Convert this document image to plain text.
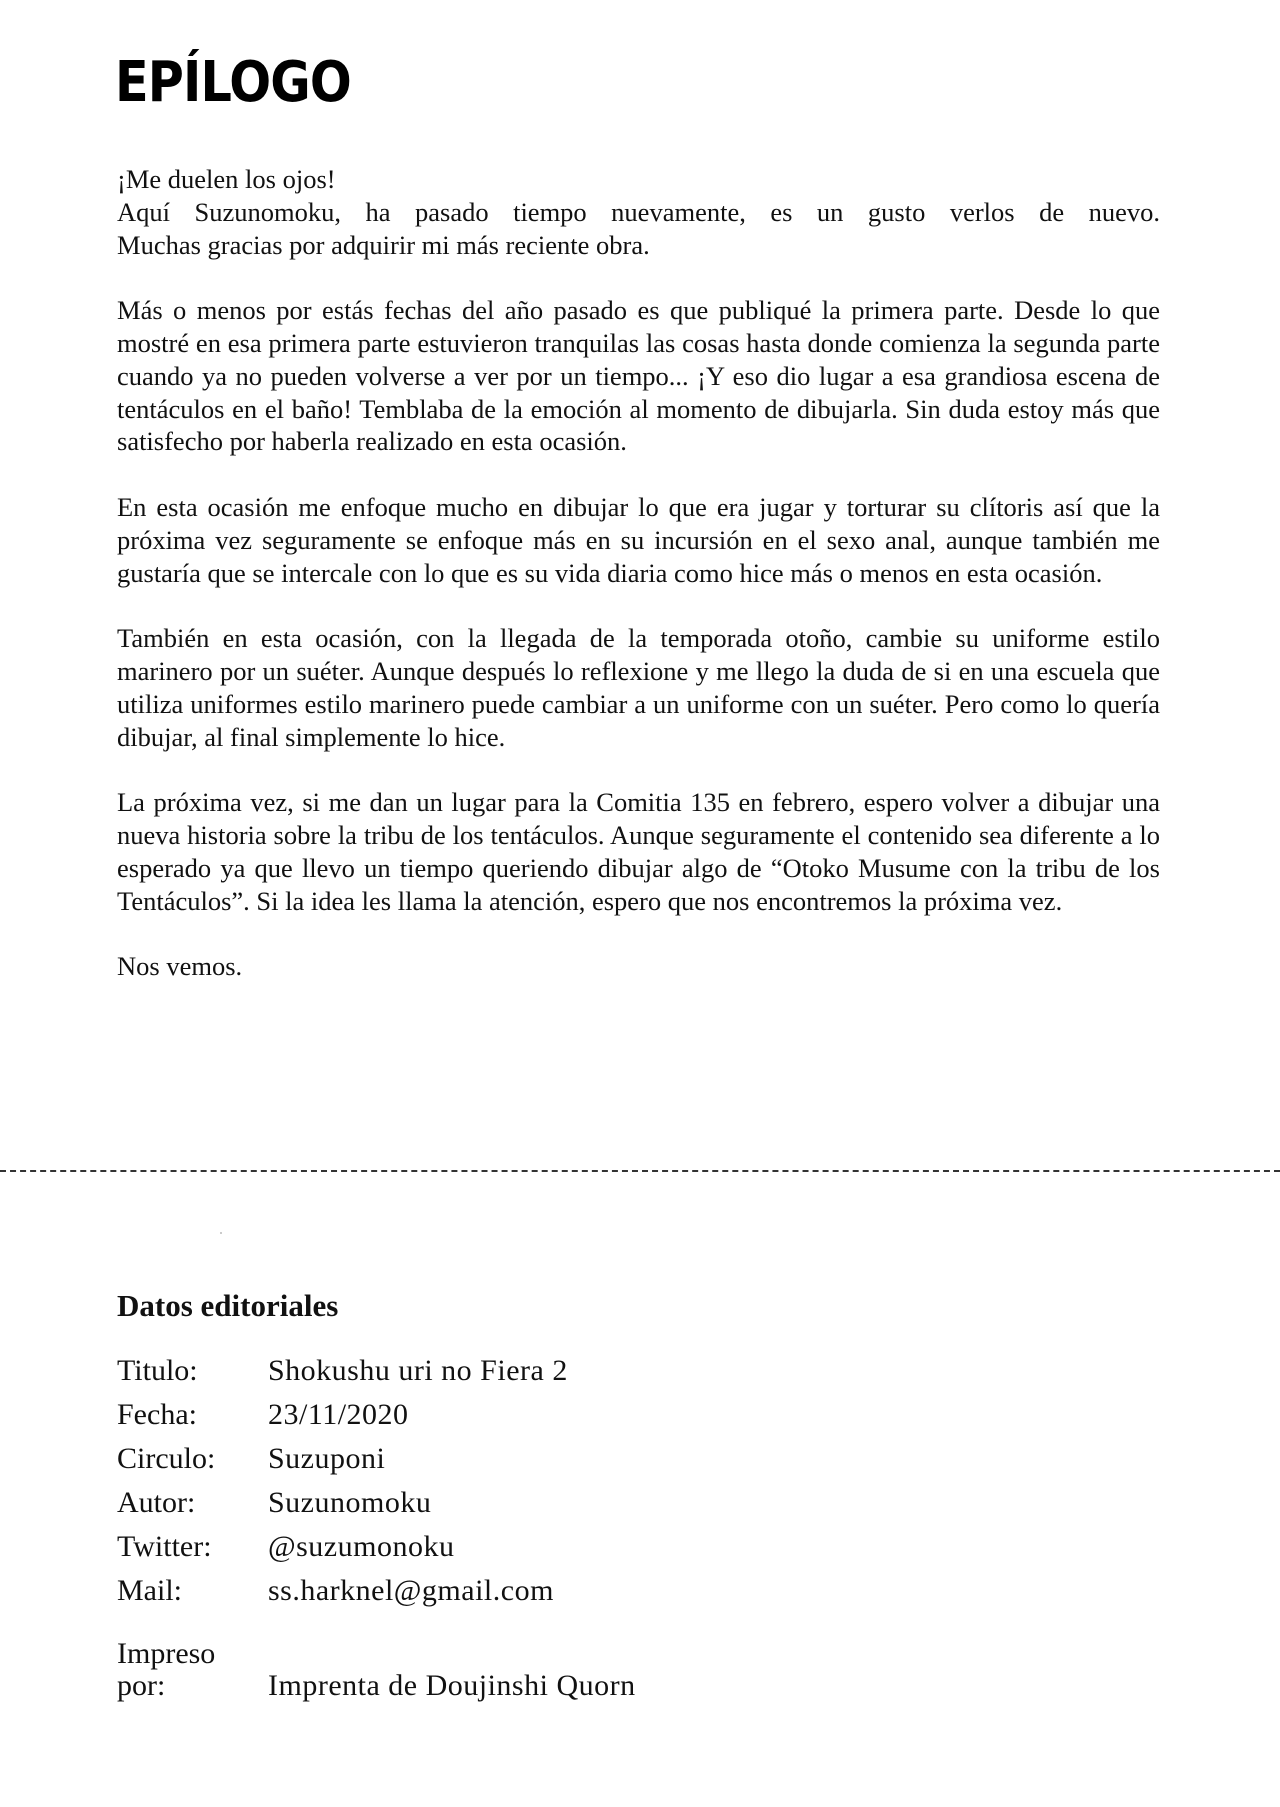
EPÍLOGO

¡Me duelen los ojos!
Aquí Suzunomoku, ha pasado tiempo nuevamente, es un gusto verlos de nuevo.
Muchas gracias por adquirir mi más reciente obra.

Más o menos por estás fechas del año pasado es que publiqué la primera parte. Desde lo que mostré en esa primera parte estuvieron tranquilas las cosas hasta donde comienza la segunda parte cuando ya no pueden volverse a ver por un tiempo... ¡Y eso dio lugar a esa grandiosa escena de tentáculos en el baño! Temblaba de la emoción al momento de dibujarla. Sin duda estoy más que satisfecho por haberla realizado en esta ocasión.

En esta ocasión me enfoque mucho en dibujar lo que era jugar y torturar su clítoris así que la próxima vez seguramente se enfoque más en su incursión en el sexo anal, aunque también me gustaría que se intercale con lo que es su vida diaria como hice más o menos en esta ocasión.

También en esta ocasión, con la llegada de la temporada otoño, cambie su uniforme estilo marinero por un suéter. Aunque después lo reflexione y me llego la duda de si en una escuela que utiliza uniformes estilo marinero puede cambiar a un uniforme con un suéter. Pero como lo quería dibujar, al final simplemente lo hice.

La próxima vez, si me dan un lugar para la Comitia 135 en febrero, espero volver a dibujar una nueva historia sobre la tribu de los tentáculos. Aunque seguramente el contenido sea diferente a lo esperado ya que llevo un tiempo queriendo dibujar algo de “Otoko Musume con la tribu de los Tentáculos”. Si la idea les llama la atención, espero que nos encontremos la próxima vez.

Nos vemos.

Datos editoriales
Titulo:	Shokushu uri no Fiera 2
Fecha:	23/11/2020
Circulo:	Suzuponi
Autor:	Suzunomoku
Twitter:	@suzumonoku
Mail:	ss.harknel@gmail.com
Impreso
por:	Imprenta de Doujinshi Quorn
